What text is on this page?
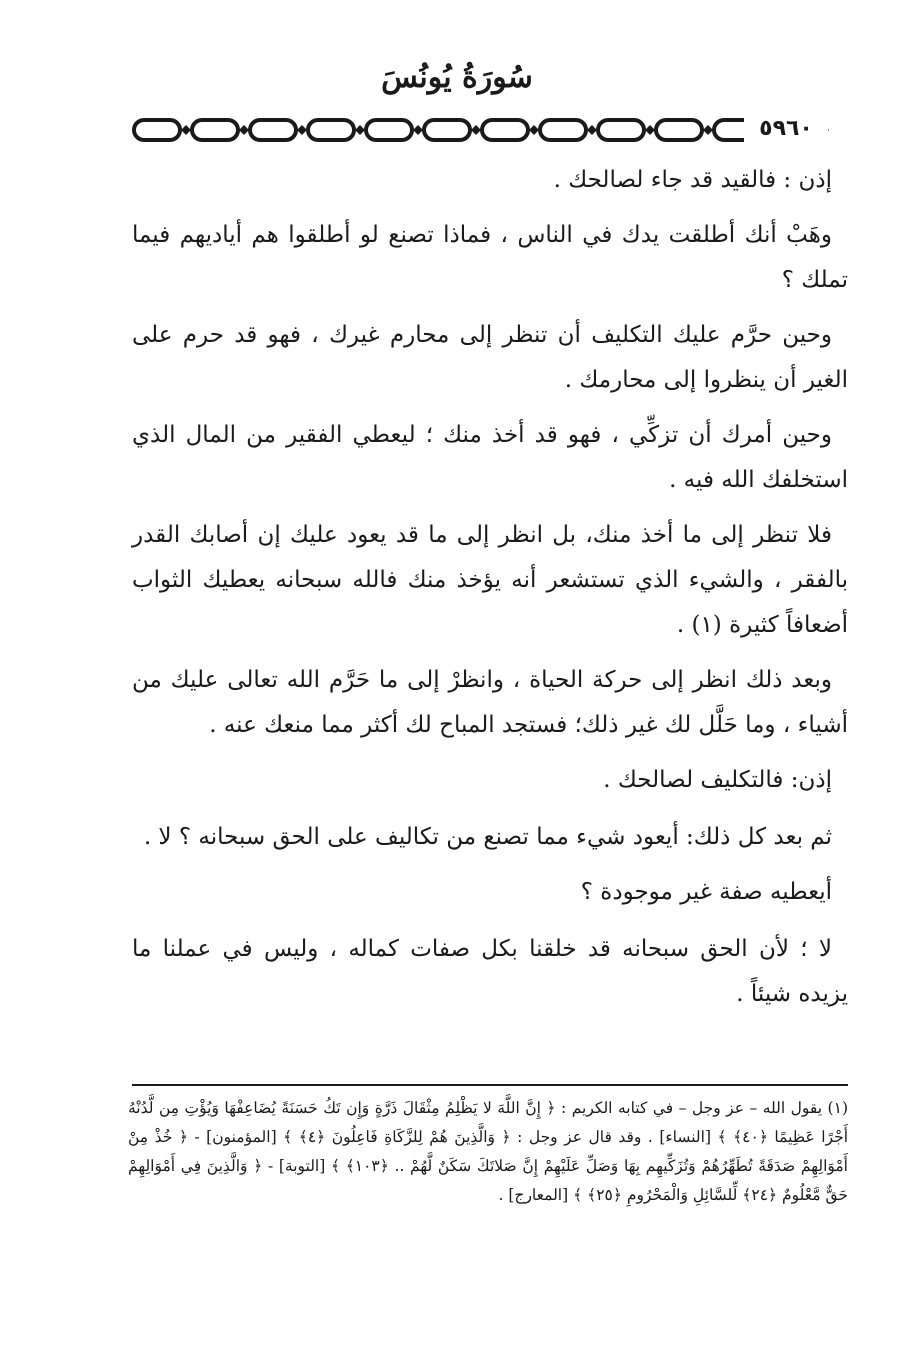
سُورَةُ يُونُسَ
٥٩٦٠

إذن : فالقيد قد جاء لصالحك .

وهَبْ أنك أطلقت يدك في الناس ، فماذا تصنع لو أطلقوا هم أياديهم فيما تملك ؟

وحين حرَّم عليك التكليف أن تنظر إلى محارم غيرك ، فهو قد حرم على الغير أن ينظروا إلى محارمك .

وحين أمرك أن تزكِّي ، فهو قد أخذ منك ؛ ليعطي الفقير من المال الذي استخلفك الله فيه .

فلا تنظر إلى ما أخذ منك، بل انظر إلى ما قد يعود عليك إن أصابك القدر بالفقر ، والشيء الذي تستشعر أنه يؤخذ منك فالله سبحانه يعطيك الثواب أضعافاً كثيرة (١) .

وبعد ذلك انظر إلى حركة الحياة ، وانظرْ إلى ما حَرَّم الله تعالى عليك من أشياء ، وما حَلَّل لك غير ذلك؛ فستجد المباح لك أكثر مما منعك عنه .

إذن: فالتكليف لصالحك .

ثم بعد كل ذلك: أيعود شيء مما تصنع من تكاليف على الحق سبحانه ؟ لا .

أيعطيه صفة غير موجودة ؟

لا ؛ لأن الحق سبحانه قد خلقنا بكل صفات كماله ، وليس في عملنا ما يزيده شيئاً .

(١) يقول الله – عز وجل – في كتابه الكريم : ﴿ إِنَّ اللَّهَ لا يَظْلِمُ مِثْقَالَ ذَرَّةٍ وَإِن تَكُ حَسَنَةً يُضَاعِفْهَا وَيُؤْتِ مِن لَّدُنْهُ أَجْرًا عَظِيمًا ﴿٤٠﴾ ﴾ [النساء] . وقد قال عز وجل : ﴿ وَالَّذِينَ هُمْ لِلزَّكَاةِ فَاعِلُونَ ﴿٤﴾ ﴾ [المؤمنون] - ﴿ خُذْ مِنْ أَمْوَالِهِمْ صَدَقَةً تُطَهِّرُهُمْ وَتُزَكِّيهِم بِهَا وَصَلِّ عَلَيْهِمْ إِنَّ صَلاتَكَ سَكَنٌ لَّهُمْ .. ﴿١٠٣﴾ ﴾ [التوبة] - ﴿ وَالَّذِينَ فِي أَمْوَالِهِمْ حَقٌّ مَّعْلُومٌ ﴿٢٤﴾ لِّلسَّائِلِ وَالْمَحْرُومِ ﴿٢٥﴾ ﴾ [المعارج] .
